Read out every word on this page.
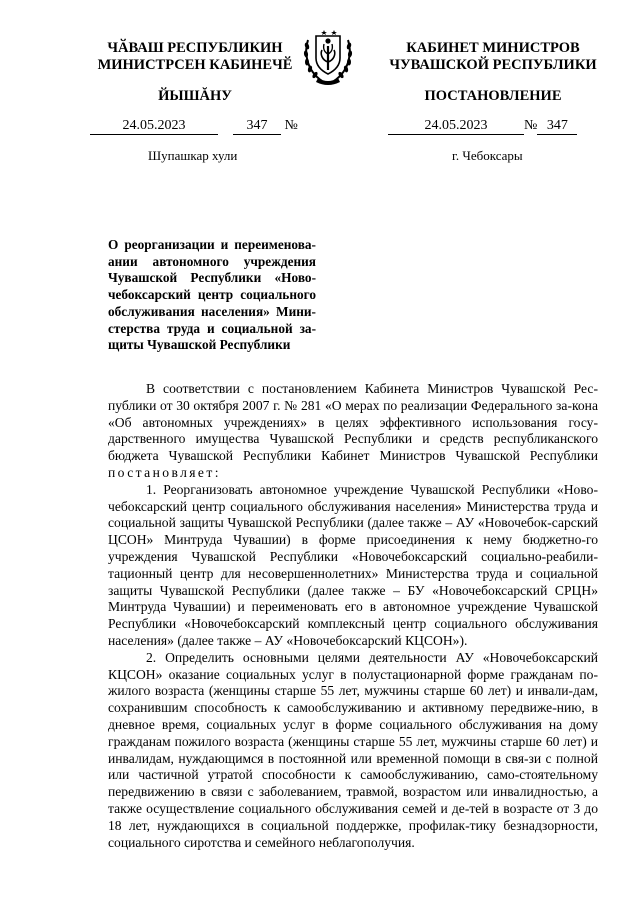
ЧӐВАШ РЕСПУБЛИКИН
МИНИСТРСЕН КАБИНЕЧӖ
КАБИНЕТ МИНИСТРОВ
ЧУВАШСКОЙ РЕСПУБЛИКИ
ЙЫШĂНУ	ПОСТАНОВЛЕНИЕ
24.05.2023	347 №	24.05.2023	№ 347
Шупашкар хули	г. Чебоксары
О реорганизации и переименова-ании автономного учреждения Чувашской Республики «Ново-чебоксарский центр социального обслуживания населения» Мини-стерства труда и социальной за-щиты Чувашской Республики

В соответствии с постановлением Кабинета Министров Чувашской Рес-публики от 30 октября 2007 г. № 281 «О мерах по реализации Федерального за-кона «Об автономных учреждениях» в целях эффективного использования госу-дарственного имущества Чувашской Республики и средств республиканского бюджета Чувашской Республики Кабинет Министров Чувашской Республики постановляет:

1. Реорганизовать автономное учреждение Чувашской Республики «Ново-чебоксарский центр социального обслуживания населения» Министерства труда и социальной защиты Чувашской Республики (далее также – АУ «Новочебок-сарский ЦСОН» Минтруда Чувашии) в форме присоединения к нему бюджетно-го учреждения Чувашской Республики «Новочебоксарский социально-реабили-тационный центр для несовершеннолетних» Министерства труда и социальной защиты Чувашской Республики (далее также – БУ «Новочебоксарский СРЦН» Минтруда Чувашии) и переименовать его в автономное учреждение Чувашской Республики «Новочебоксарский комплексный центр социального обслуживания населения» (далее также – АУ «Новочебоксарский КЦСОН»).

2. Определить основными целями деятельности АУ «Новочебоксарский КЦСОН» оказание социальных услуг в полустационарной форме гражданам по-жилого возраста (женщины старше 55 лет, мужчины старше 60 лет) и инвали-дам, сохранившим способность к самообслуживанию и активному передвиже-нию, в дневное время, социальных услуг в форме социального обслуживания на дому гражданам пожилого возраста (женщины старше 55 лет, мужчины старше 60 лет) и инвалидам, нуждающимся в постоянной или временной помощи в свя-зи с полной или частичной утратой способности к самообслуживанию, само-стоятельному передвижению в связи с заболеванием, травмой, возрастом или инвалидностью, а также осуществление социального обслуживания семей и де-тей в возрасте от 3 до 18 лет, нуждающихся в социальной поддержке, профилак-тику безнадзорности, социального сиротства и семейного неблагополучия.
